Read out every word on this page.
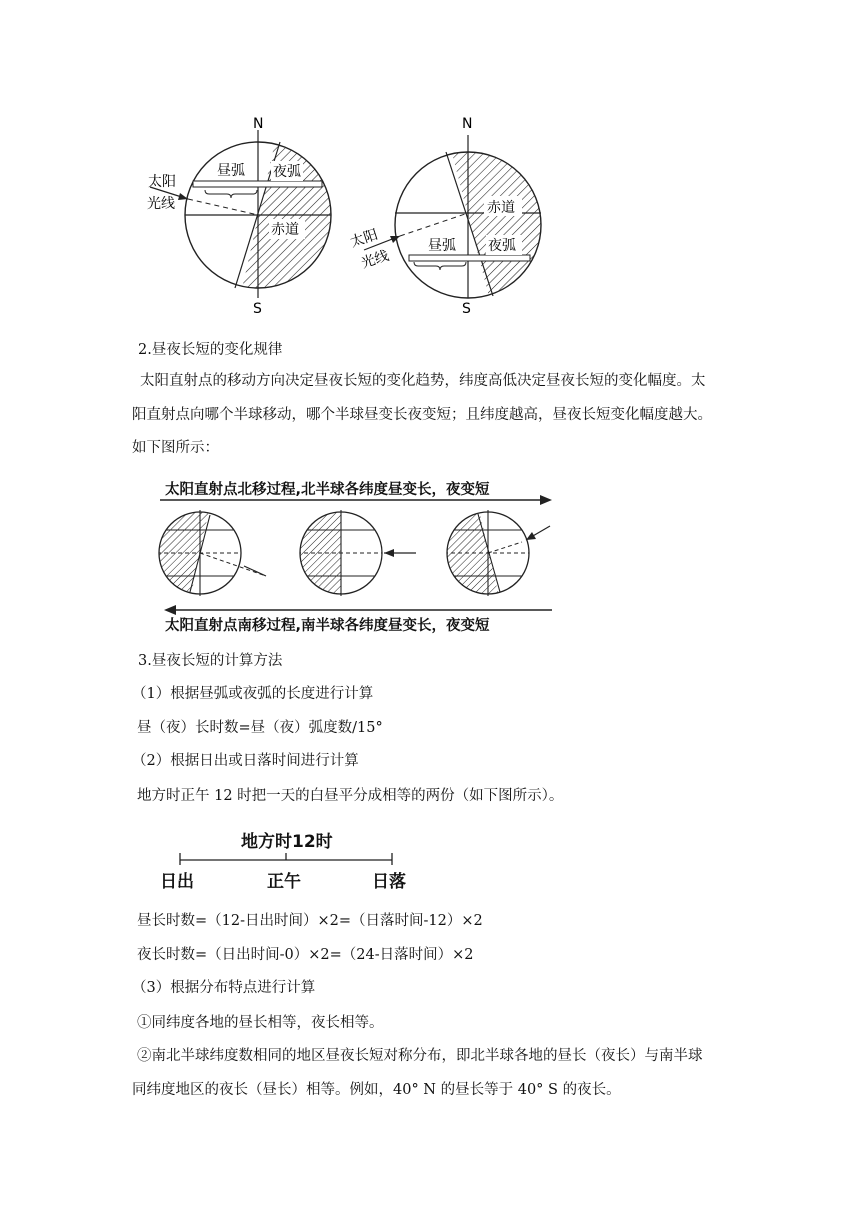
N
S
昼弧 夜弧
赤道
太阳
光线
N
S
赤道
昼弧 夜弧
太阳
光线
2.昼夜长短的变化规律
太阳直射点的移动方向决定昼夜长短的变化趋势，纬度高低决定昼夜长短的变化幅度。太
阳直射点向哪个半球移动，哪个半球昼变长夜变短；且纬度越高，昼夜长短变化幅度越大。
如下图所示：
太阳直射点北移过程,北半球各纬度昼变长，夜变短
太阳直射点南移过程,南半球各纬度昼变长，夜变短
3.昼夜长短的计算方法
（1）根据昼弧或夜弧的长度进行计算
昼（夜）长时数=昼（夜）弧度数/15°
（2）根据日出或日落时间进行计算
地方时正午 12 时把一天的白昼平分成相等的两份（如下图所示）。
地方时12时
日出	正午	日落
昼长时数=（12-日出时间）×2=（日落时间-12）×2
夜长时数=（日出时间-0）×2=（24-日落时间）×2
（3）根据分布特点进行计算
①同纬度各地的昼长相等，夜长相等。
②南北半球纬度数相同的地区昼夜长短对称分布，即北半球各地的昼长（夜长）与南半球
同纬度地区的夜长（昼长）相等。例如，40° N 的昼长等于 40° S 的夜长。
